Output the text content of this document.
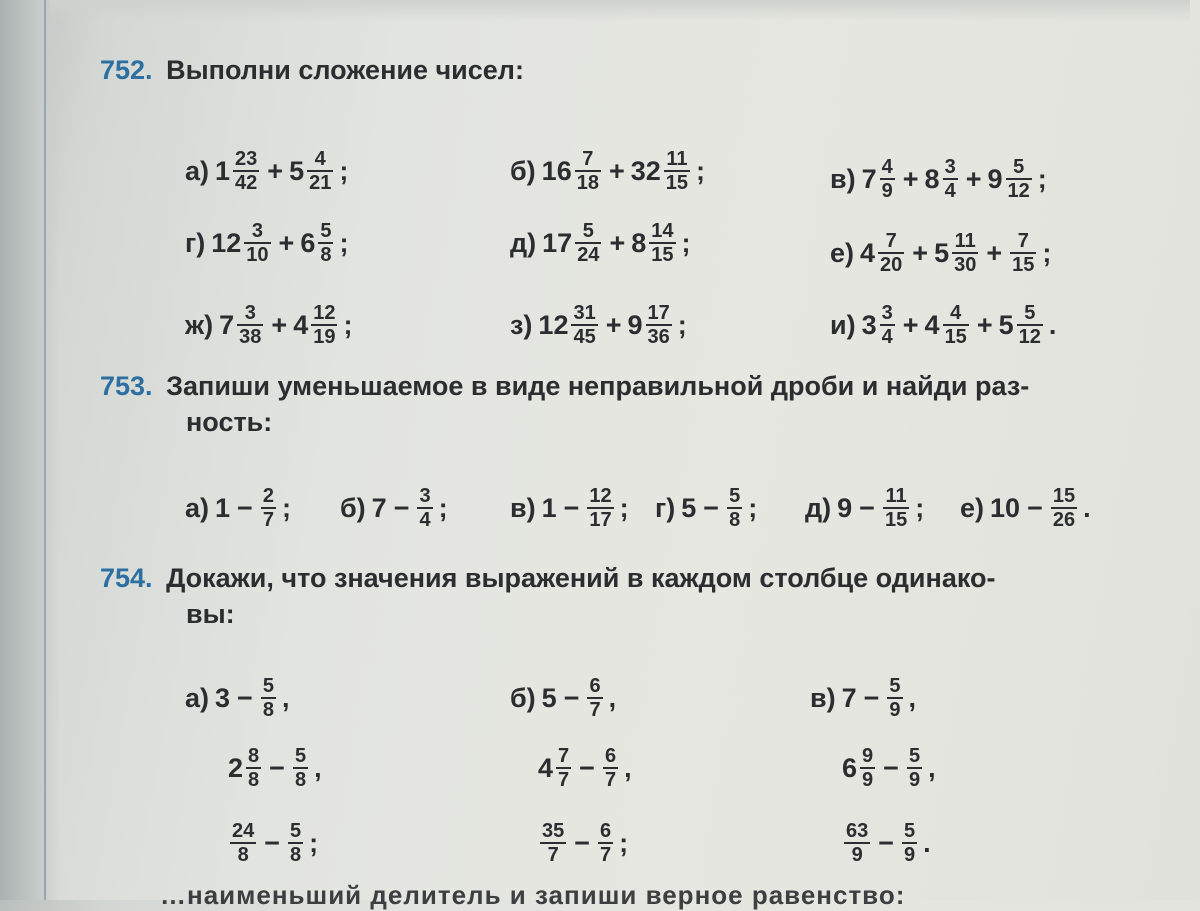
752. Выполни сложение чисел:
753. Запиши уменьшаемое в виде неправильной дроби и найди раз-
ность:
754. Докажи, что значения выражений в каждом столбце одинако-
вы:
а) $1 \frac{23}{42} + 5 \frac{4}{21}$ ;	б) $16 \frac{7}{18} + 32 \frac{11}{15}$ ;	в) $7 \frac{4}{9} + 8 \frac{3}{4} + 9 \frac{5}{12}$ ;
г) $12 \frac{3}{10} + 6 \frac{5}{8}$ ;	д) $17 \frac{5}{24} + 8 \frac{14}{15}$ ;	е) $4 \frac{7}{20} + 5 \frac{11}{30} + \frac{7}{15}$ ;
ж) $7 \frac{3}{38} + 4 \frac{12}{19}$ ;	з) $12 \frac{31}{45} + 9 \frac{17}{36}$ ;	и) $3 \frac{3}{4} + 4 \frac{4}{15} + 5 \frac{5}{12}$ .
а) $1 - \frac{2}{7}$ ; б) $7 - \frac{3}{4}$ ; в) $1 - \frac{12}{17}$ ; г) $5 - \frac{5}{8}$ ; д) $9 - \frac{11}{15}$ ; е) $10 - \frac{15}{26}$ .
а) $3 - \frac{5}{8}$ ,	б) $5 - \frac{6}{7}$ ,	в) $7 - \frac{5}{9}$ ,
$2 \frac{8}{8} - \frac{5}{8}$ ,	$4 \frac{7}{7} - \frac{6}{7}$ ,	$6 \frac{9}{9} - \frac{5}{9}$ ,
$\frac{24}{8} - \frac{5}{8}$ ;	$\frac{35}{7} - \frac{6}{7}$ ;	$\frac{63}{9} - \frac{5}{9}$ .
…наименьший делитель и запиши верное равенство:
